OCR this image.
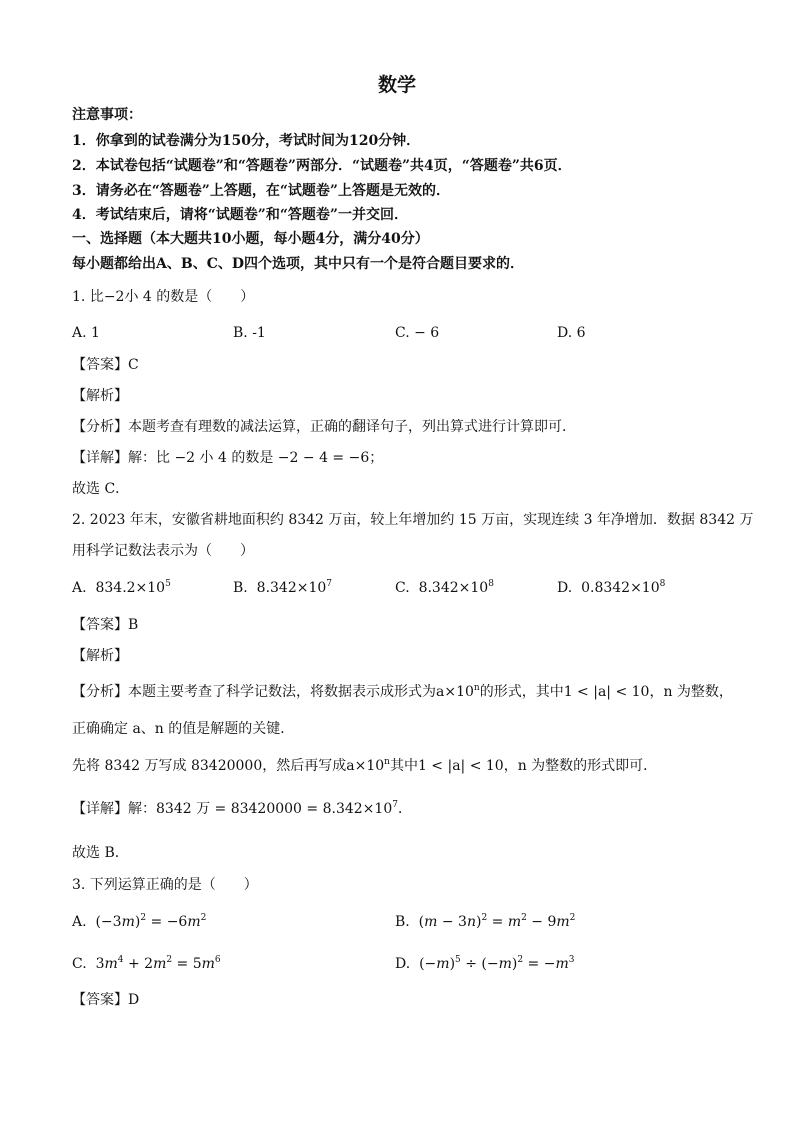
数学
注意事项：
1．你拿到的试卷满分为150分，考试时间为120分钟．
2．本试卷包括“试题卷”和“答题卷”两部分．“试题卷”共4页，“答题卷”共6页．
3．请务必在“答题卷”上答题，在“试题卷”上答题是无效的．
4．考试结束后，请将“试题卷”和“答题卷”一并交回．
一、选择题（本大题共10小题，每小题4分，满分40分）
每小题都给出A、B、C、D四个选项，其中只有一个是符合题目要求的．
1. 比−2小 4 的数是（　　）
A. 1	B. -1	C. − 6	D. 6
【答案】C
【解析】
【分析】本题考查有理数的减法运算，正确的翻译句子，列出算式进行计算即可．
【详解】解：比 −2 小 4 的数是 −2 − 4 = −6；
故选 C．
2. 2023 年末，安徽省耕地面积约 8342 万亩，较上年增加约 15 万亩，实现连续 3 年净增加．数据 8342 万
用科学记数法表示为（　　）
A. $834.2\times 10^5$	B. $8.342\times 10^7$	C. $8.342\times 10^8$	D. $0.8342\times 10^8$
【答案】B
【解析】
【分析】本题主要考查了科学记数法，将数据表示成形式为$a\times 10^n$的形式，其中1 < |a| < 10，n 为整数，
正确确定 a、n 的值是解题的关键．
先将 8342 万写成 83420000，然后再写成$a\times 10^n$其中1 < |a| < 10，n 为整数的形式即可．
【详解】解：8342 万 = $83420000 = 8.342\times 10^7$．
故选 B．
3. 下列运算正确的是（　　）
A. $(-3m)^2 = -6m^2$	B. $(m - 3n)^2 = m^2 - 9m^2$
C. $3m^4 + 2m^2 = 5m^6$	D. $(-m)^5 \div (-m)^2 = -m^3$
【答案】D
